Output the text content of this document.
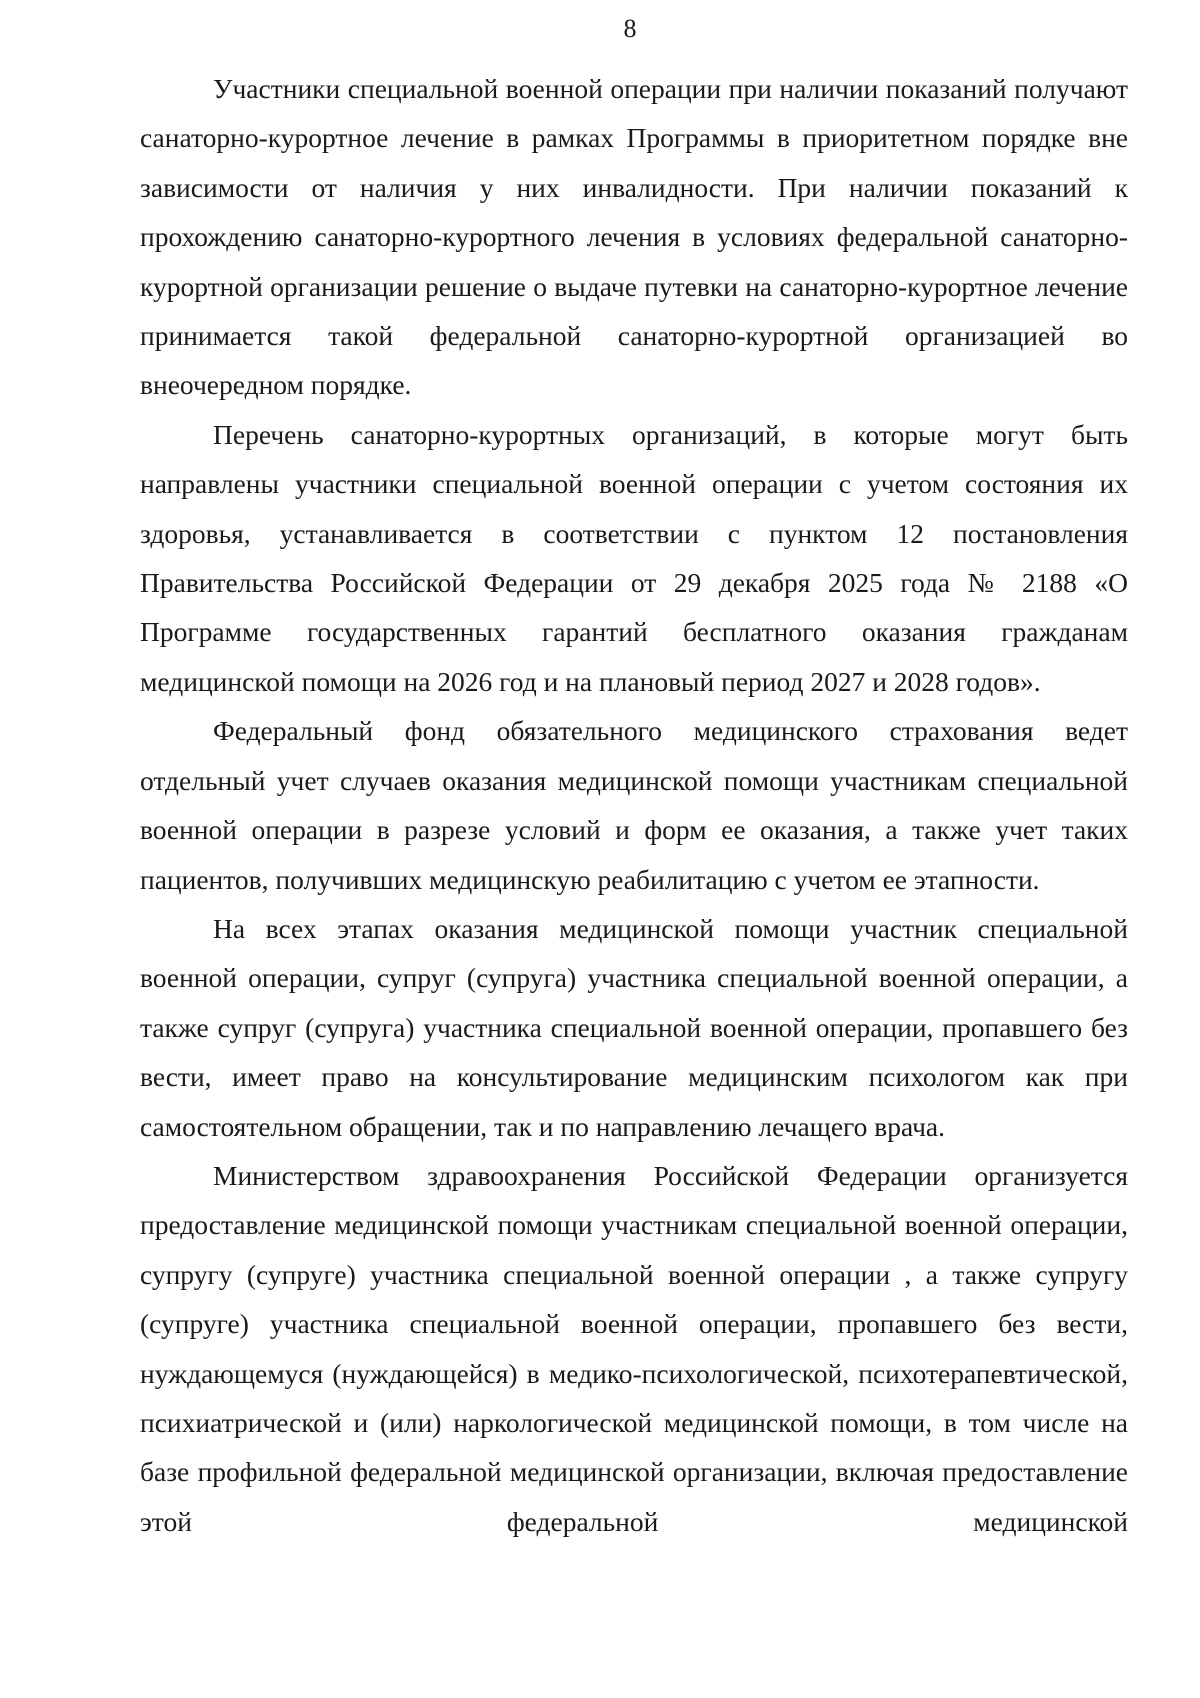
8

Участники специальной военной операции при наличии показаний получают санаторно-курортное лечение в рамках Программы в приоритетном порядке вне зависимости от наличия у них инвалидности. При наличии показаний к прохождению санаторно-курортного лечения в условиях федеральной санаторно-курортной организации решение о выдаче путевки на санаторно-курортное лечение принимается такой федеральной санаторно-курортной организацией во внеочередном порядке.

Перечень санаторно-курортных организаций, в которые могут быть направлены участники специальной военной операции с учетом состояния их здоровья, устанавливается в соответствии с пунктом 12 постановления Правительства Российской Федерации от 29 декабря 2025 года № 2188 «О Программе государственных гарантий бесплатного оказания гражданам медицинской помощи на 2026 год и на плановый период 2027 и 2028 годов».

Федеральный фонд обязательного медицинского страхования ведет отдельный учет случаев оказания медицинской помощи участникам специальной военной операции в разрезе условий и форм ее оказания, а также учет таких пациентов, получивших медицинскую реабилитацию с учетом ее этапности.

На всех этапах оказания медицинской помощи участник специальной военной операции, супруг (супруга) участника специальной военной операции, а также супруг (супруга) участника специальной военной операции, пропавшего без вести, имеет право на консультирование медицинским психологом как при самостоятельном обращении, так и по направлению лечащего врача.

Министерством здравоохранения Российской Федерации организуется предоставление медицинской помощи участникам специальной военной операции, супругу (супруге) участника специальной военной операции , а также супругу (супруге) участника специальной военной операции, пропавшего без вести, нуждающемуся (нуждающейся) в медико-психологической, психотерапевтической, психиатрической и (или) наркологической медицинской помощи, в том числе на базе профильной федеральной медицинской организации, включая предоставление этой федеральной медицинской
